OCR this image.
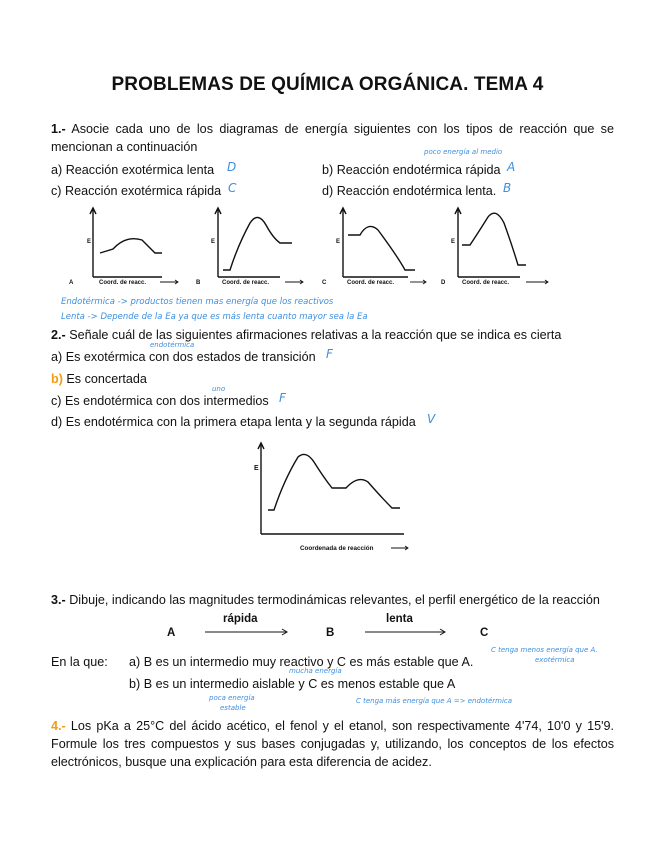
PROBLEMAS DE QUÍMICA ORGÁNICA. TEMA 4
1.- Asocie cada uno de los diagramas de energía siguientes con los tipos de reacción que se mencionan a continuación
a) Reacción exotérmica lenta D	b) Reacción endotérmica rápida A
poco energía al medio
c) Reacción exotérmica rápida C	d) Reacción endotérmica lenta. B
E	E	E	E
A	B	C	D
Coord. de reacc.	Coord. de reacc.	Coord. de reacc.	Coord. de reacc.
Endotérmica -> productos tienen mas energía que los reactivos
Lenta -> Depende de la Ea ya que es más lenta cuanto mayor sea la Ea
2.- Señale cuál de las siguientes afirmaciones relativas a la reacción que se indica es cierta
endotérmica
a) Es exotérmica con dos estados de transición F
b) Es concertada
uno
c) Es endotérmica con dos intermedios F
d) Es endotérmica con la primera etapa lenta y la segunda rápida V
E
Coordenada de reacción
3.- Dibuje, indicando las magnitudes termodinámicas relevantes, el perfil energético de la reacción
A	B	C
rápida	lenta
En la que: a) B es un intermedio muy reactivo y C es más estable que A.
C tenga menos energía que A.
exotérmica
mucha energía
b) B es un intermedio aislable y C es menos estable que A
poca energía
estable
C tenga más energía que A => endotérmica
4.- Los pKa a 25°C del ácido acético, el fenol y el etanol, son respectivamente 4'74, 10'0 y 15'9. Formule los tres compuestos y sus bases conjugadas y, utilizando, los conceptos de los efectos electrónicos, busque una explicación para esta diferencia de acidez.
